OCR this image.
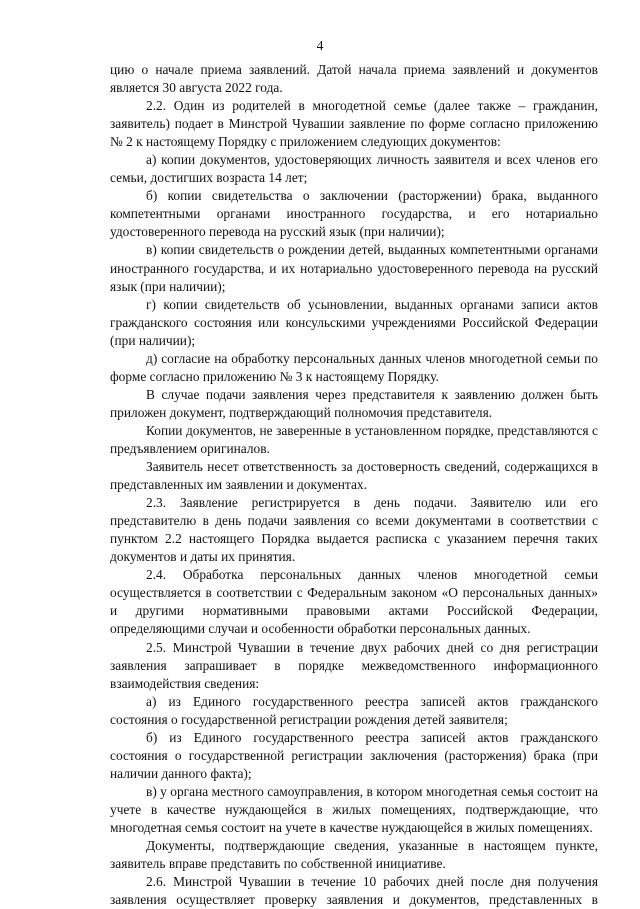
4

цию о начале приема заявлений. Датой начала приема заявлений и документов является 30 августа 2022 года.

2.2. Один из родителей в многодетной семье (далее также – гражданин, заявитель) подает в Минстрой Чувашии заявление по форме согласно приложению № 2 к настоящему Порядку с приложением следующих документов:

а) копии документов, удостоверяющих личность заявителя и всех членов его семьи, достигших возраста 14 лет;

б) копии свидетельства о заключении (расторжении) брака, выданного компетентными органами иностранного государства, и его нотариально удостоверенного перевода на русский язык (при наличии);

в) копии свидетельств о рождении детей, выданных компетентными органами иностранного государства, и их нотариально удостоверенного перевода на русский язык (при наличии);

г) копии свидетельств об усыновлении, выданных органами записи актов гражданского состояния или консульскими учреждениями Российской Федерации (при наличии);

д) согласие на обработку персональных данных членов многодетной семьи по форме согласно приложению № 3 к настоящему Порядку.

В случае подачи заявления через представителя к заявлению должен быть приложен документ, подтверждающий полномочия представителя.

Копии документов, не заверенные в установленном порядке, представляются с предъявлением оригиналов.

Заявитель несет ответственность за достоверность сведений, содержащихся в представленных им заявлении и документах.

2.3. Заявление регистрируется в день подачи. Заявителю или его представителю в день подачи заявления со всеми документами в соответствии с пунктом 2.2 настоящего Порядка выдается расписка с указанием перечня таких документов и даты их принятия.

2.4. Обработка персональных данных членов многодетной семьи осуществляется в соответствии с Федеральным законом «О персональных данных» и другими нормативными правовыми актами Российской Федерации, определяющими случаи и особенности обработки персональных данных.

2.5. Минстрой Чувашии в течение двух рабочих дней со дня регистрации заявления запрашивает в порядке межведомственного информационного взаимодействия сведения:

а) из Единого государственного реестра записей актов гражданского состояния о государственной регистрации рождения детей заявителя;

б) из Единого государственного реестра записей актов гражданского состояния о государственной регистрации заключения (расторжения) брака (при наличии данного факта);

в) у органа местного самоуправления, в котором многодетная семья состоит на учете в качестве нуждающейся в жилых помещениях, подтверждающие, что многодетная семья состоит на учете в качестве нуждающейся в жилых помещениях.

Документы, подтверждающие сведения, указанные в настоящем пункте, заявитель вправе представить по собственной инициативе.

2.6. Минстрой Чувашии в течение 10 рабочих дней после дня получения заявления осуществляет проверку заявления и документов, представленных в
